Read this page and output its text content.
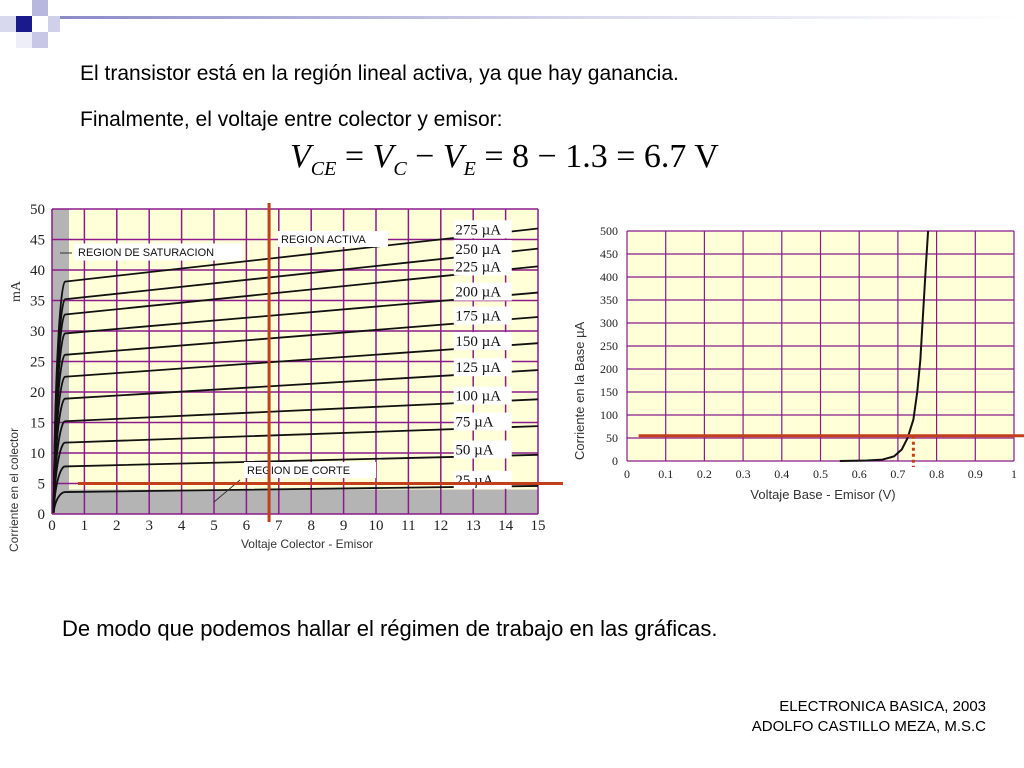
El transistor está en la región lineal activa, ya que hay ganancia.
Finalmente, el voltaje entre colector y emisor:
$V_{CE} = V_C - V_E = 8 - 1.3 = 6.7$ V
0 1 2 3 4 5 6 7 8 9 10 11 12 13 14 15
0
5
10
15
20
25
30
35
40
45
50
25 µA
50 µA
75 µA
100 µA
125 µA
150 µA
175 µA
200 µA
225 µA
250 µA
275 µA
Voltaje Colector - Emisor
Corriente en el colector
mA
REGION DE SATURACION
REGION ACTIVA
REGION DE CORTE	0 0.1 0.2 0.3 0.4 0.5 0.6 0.7 0.8 0.9 1
0
50
100
150
200
250
300
350
400
450
500
Voltaje Base - Emisor (V)
Corriente en la Base µA
De modo que podemos hallar el régimen de trabajo en las gráficas.
ELECTRONICA BASICA, 2003
ADOLFO CASTILLO MEZA, M.S.C
